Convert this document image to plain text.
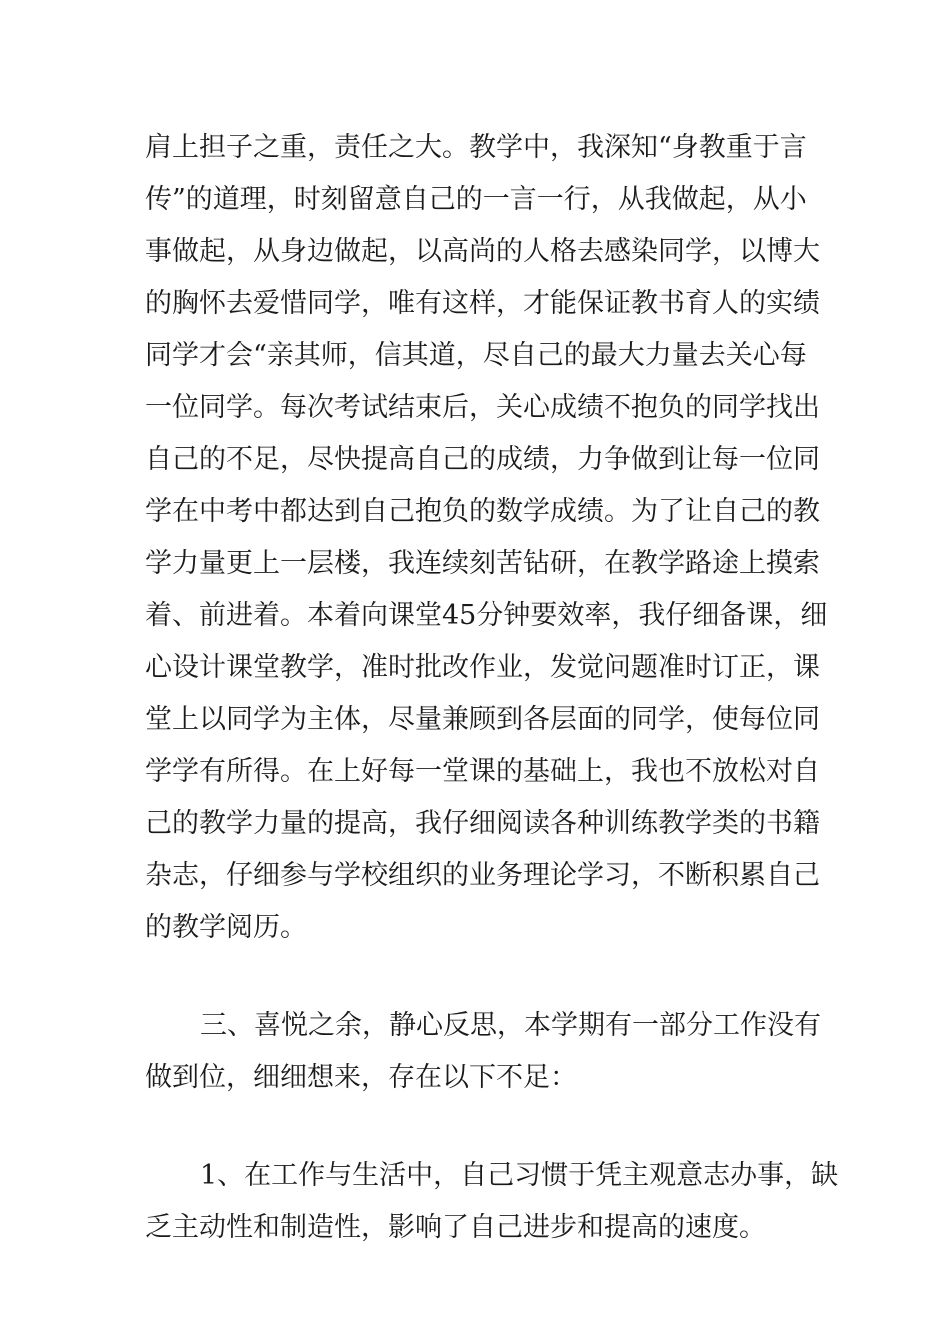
肩上担子之重，责任之大。教学中，我深知“身教重于言
传”的道理，时刻留意自己的一言一行，从我做起，从小
事做起，从身边做起，以高尚的人格去感染同学，以博大
的胸怀去爱惜同学，唯有这样，才能保证教书育人的实绩
同学才会“亲其师，信其道，尽自己的最大力量去关心每
一位同学。每次考试结束后，关心成绩不抱负的同学找出
自己的不足，尽快提高自己的成绩，力争做到让每一位同
学在中考中都达到自己抱负的数学成绩。为了让自己的教
学力量更上一层楼，我连续刻苦钻研，在教学路途上摸索
着、前进着。本着向课堂45分钟要效率，我仔细备课，细
心设计课堂教学，准时批改作业，发觉问题准时订正，课
堂上以同学为主体，尽量兼顾到各层面的同学，使每位同
学学有所得。在上好每一堂课的基础上，我也不放松对自
己的教学力量的提高，我仔细阅读各种训练教学类的书籍
杂志，仔细参与学校组织的业务理论学习，不断积累自己
的教学阅历。
三、喜悦之余，静心反思，本学期有一部分工作没有
做到位，细细想来，存在以下不足：
1、在工作与生活中，自己习惯于凭主观意志办事，缺
乏主动性和制造性，影响了自己进步和提高的速度。
